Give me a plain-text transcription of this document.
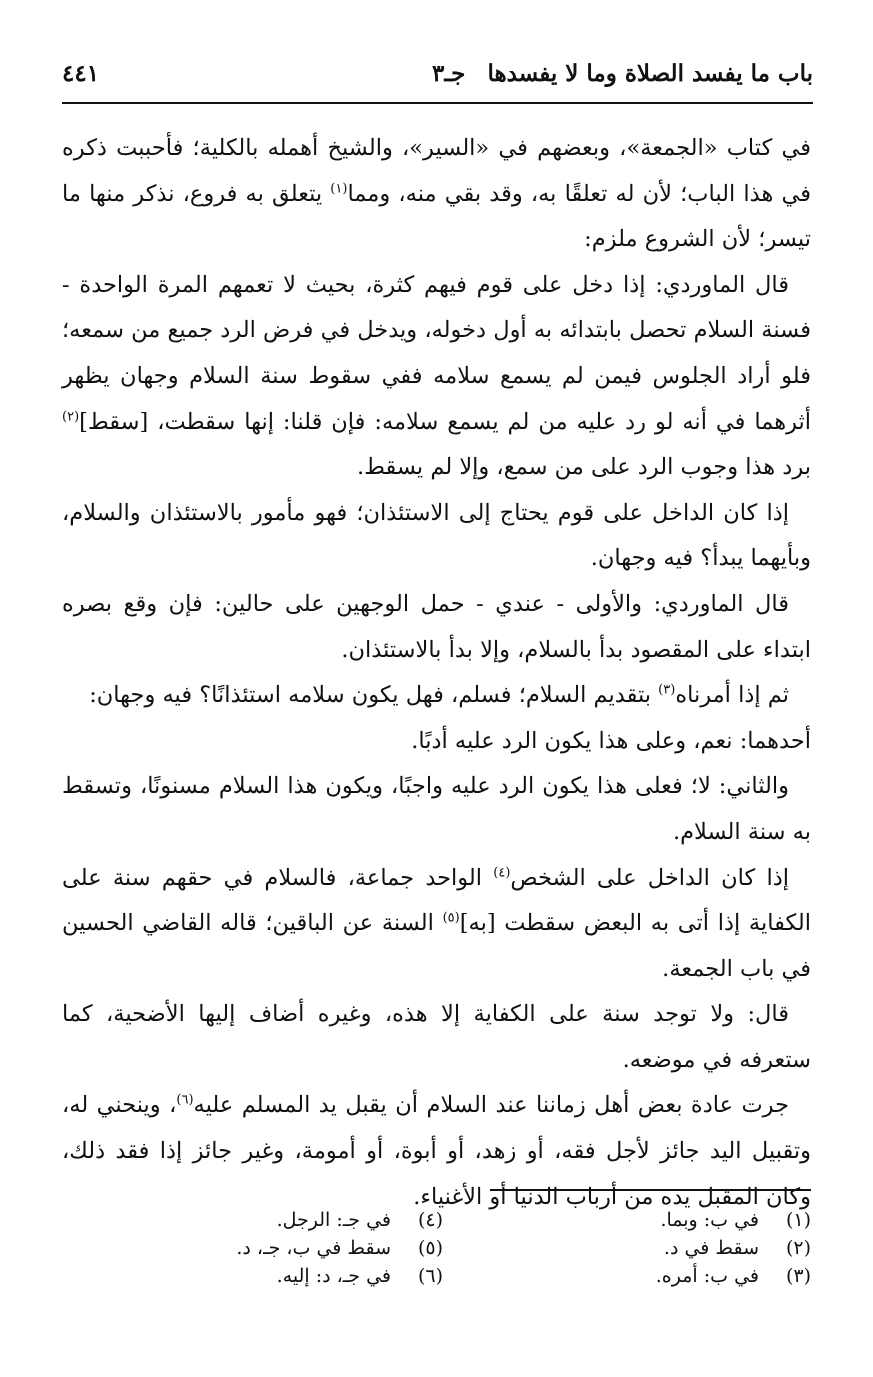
باب ما يفسد الصلاة وما لا يفسدها
جـ٣
٤٤١

في كتاب «الجمعة»، وبعضهم في «السير»، والشيخ أهمله بالكلية؛ فأحببت ذكره في هذا الباب؛ لأن له تعلقًا به، وقد بقي منه، ومما$^{(١)}$ يتعلق به فروع، نذكر منها ما تيسر؛ لأن الشروع ملزم:

قال الماوردي: إذا دخل على قوم فيهم كثرة، بحيث لا تعمهم المرة الواحدة - فسنة السلام تحصل بابتدائه به أول دخوله، ويدخل في فرض الرد جميع من سمعه؛ فلو أراد الجلوس فيمن لم يسمع سلامه ففي سقوط سنة السلام وجهان يظهر أثرهما في أنه لو رد عليه من لم يسمع سلامه: فإن قلنا: إنها سقطت، [سقط]$^{(٢)}$ برد هذا وجوب الرد على من سمع، وإلا لم يسقط.

إذا كان الداخل على قوم يحتاج إلى الاستئذان؛ فهو مأمور بالاستئذان والسلام، وبأيهما يبدأ؟ فيه وجهان.

قال الماوردي: والأولى - عندي - حمل الوجهين على حالين: فإن وقع بصره ابتداء على المقصود بدأ بالسلام، وإلا بدأ بالاستئذان.

ثم إذا أمرناه$^{(٣)}$ بتقديم السلام؛ فسلم، فهل يكون سلامه استئذانًا؟ فيه وجهان:

أحدهما: نعم، وعلى هذا يكون الرد عليه أدبًا.

والثاني: لا؛ فعلى هذا يكون الرد عليه واجبًا، ويكون هذا السلام مسنونًا، وتسقط به سنة السلام.

إذا كان الداخل على الشخص$^{(٤)}$ الواحد جماعة، فالسلام في حقهم سنة على الكفاية إذا أتى به البعض سقطت [به]$^{(٥)}$ السنة عن الباقين؛ قاله القاضي الحسين في باب الجمعة.

قال: ولا توجد سنة على الكفاية إلا هذه، وغيره أضاف إليها الأضحية، كما ستعرفه في موضعه.

جرت عادة بعض أهل زماننا عند السلام أن يقبل يد المسلم عليه$^{(٦)}$، وينحني له، وتقبيل اليد جائز لأجل فقه، أو زهد، أو أبوة، أو أمومة، وغير جائز إذا فقد ذلك، وكان المقبل يده من أرباب الدنيا أو الأغنياء.

(١)
في ب: وبما.
(٢)
سقط في د.
(٣)
في ب: أمره.
(٤)
في جـ: الرجل.
(٥)
سقط في ب، جـ، د.
(٦)
في جـ، د: إليه.
